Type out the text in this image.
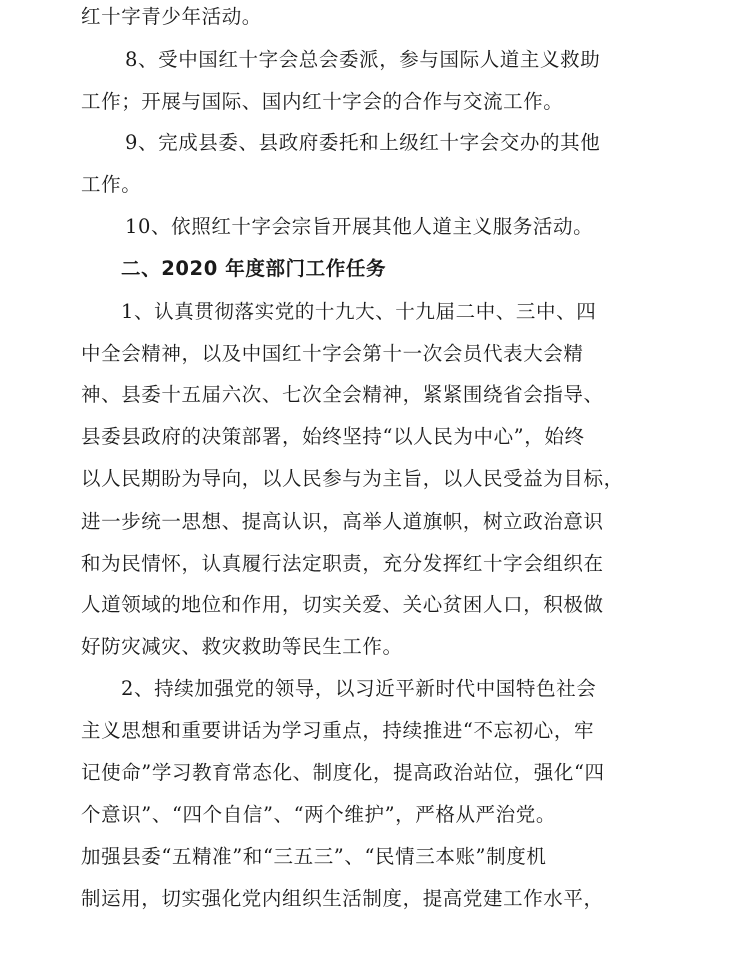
红十字青少年活动。
8、受中国红十字会总会委派，参与国际人道主义救助
工作；开展与国际、国内红十字会的合作与交流工作。
9、完成县委、县政府委托和上级红十字会交办的其他
工作。
10、依照红十字会宗旨开展其他人道主义服务活动。
二、2020 年度部门工作任务
1、认真贯彻落实党的十九大、十九届二中、三中、四
中全会精神，以及中国红十字会第十一次会员代表大会精
神、县委十五届六次、七次全会精神，紧紧围绕省会指导、
县委县政府的决策部署，始终坚持“以人民为中心”，始终
以人民期盼为导向，以人民参与为主旨，以人民受益为目标，
进一步统一思想、提高认识，高举人道旗帜，树立政治意识
和为民情怀，认真履行法定职责，充分发挥红十字会组织在
人道领域的地位和作用，切实关爱、关心贫困人口，积极做
好防灾减灾、救灾救助等民生工作。
2、持续加强党的领导，以习近平新时代中国特色社会
主义思想和重要讲话为学习重点，持续推进“不忘初心，牢
记使命”学习教育常态化、制度化，提高政治站位，强化“四
个意识”、“四个自信”、“两个维护”，严格从严治党。
加强县委“五精准”和“三五三”、“民情三本账”制度机
制运用，切实强化党内组织生活制度，提高党建工作水平，
